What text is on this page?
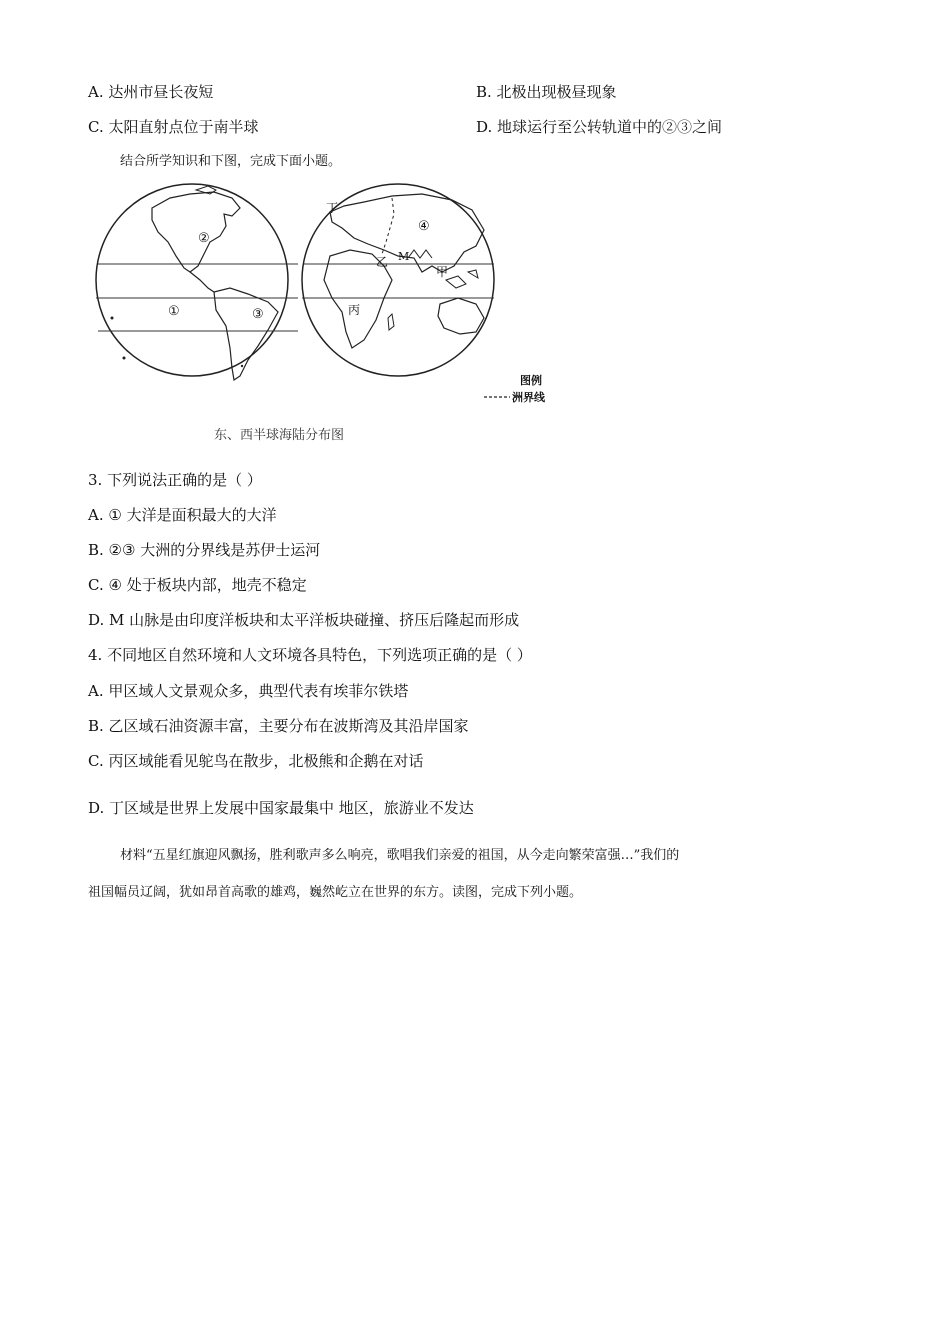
A. 达州市昼长夜短	B. 北极出现极昼现象
C. 太阳直射点位于南半球	D. 地球运行至公转轨道中的②③之间
结合所学知识和下图，完成下面小题。
②
①	③
丁
④
M
乙
甲
丙
图例
洲界线
东、西半球海陆分布图
3. 下列说法正确的是（ ）
A. ① 大洋是面积最大的大洋
B. ②③ 大洲的分界线是苏伊士运河
C. ④ 处于板块内部，地壳不稳定
D. M 山脉是由印度洋板块和太平洋板块碰撞、挤压后隆起而形成
4. 不同地区自然环境和人文环境各具特色，下列选项正确的是（ ）
A. 甲区域人文景观众多，典型代表有埃菲尔铁塔
B. 乙区域石油资源丰富，主要分布在波斯湾及其沿岸国家
C. 丙区域能看见鸵鸟在散步，北极熊和企鹅在对话
D. 丁区域是世界上发展中国家最集中 地区，旅游业不发达
材料“五星红旗迎风飘扬，胜利歌声多么响亮，歌唱我们亲爱的祖国，从今走向繁荣富强…”我们的
祖国幅员辽阔，犹如昂首高歌的雄鸡，巍然屹立在世界的东方。读图，完成下列小题。
